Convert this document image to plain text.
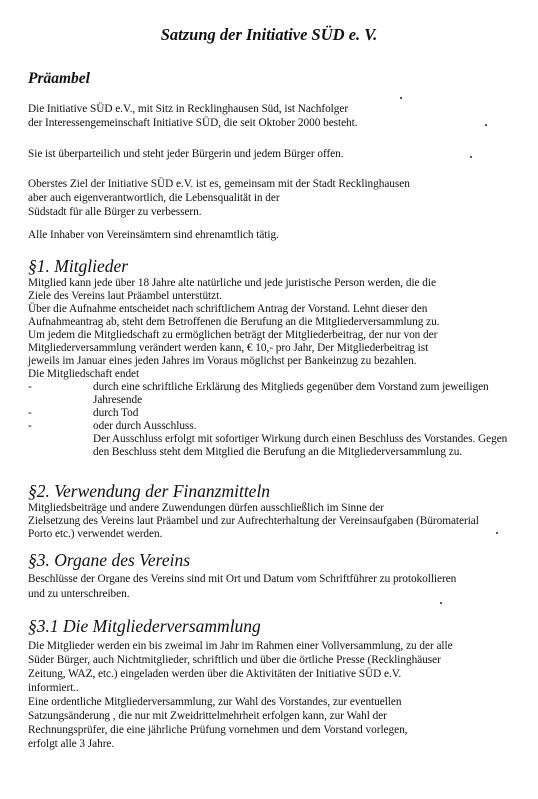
Satzung der Initiative SÜD e. V.
Präambel

Die Initiative SÜD e.V., mit Sitz in Recklinghausen Süd, ist Nachfolger

der Interessengemeinschaft Initiative SÜD, die seit Oktober 2000 besteht.

Sie ist überparteilich und steht jeder Bürgerin und jedem Bürger offen.

Oberstes Ziel der Initiative SÜD e.V. ist es, gemeinsam mit der Stadt Recklinghausen

aber auch eigenverantwortlich, die Lebensqualität in der

Südstadt für alle Bürger zu verbessern.

Alle Inhaber von Vereinsämtern sind ehrenamtlich tätig.

§1. Mitglieder

Mitglied kann jede über 18 Jahre alte natürliche und jede juristische Person werden, die die

Ziele des Vereins laut Präambel unterstützt.

Über die Aufnahme entscheidet nach schriftlichem Antrag der Vorstand. Lehnt dieser den

Aufnahmeantrag ab, steht dem Betroffenen die Berufung an die Mitgliederversammlung zu.

Um jedem die Mitgliedschaft zu ermöglichen beträgt der Mitgliederbeitrag, der nur von der

Mitgliederversammlung verändert werden kann, € 10,- pro Jahr, Der Mitgliederbeitrag ist

jeweils im Januar eines jeden Jahres im Voraus möglichst per Bankeinzug zu bezahlen.

Die Mitgliedschaft endet

-	durch eine schriftliche Erklärung des Mitglieds gegenüber dem Vorstand zum jeweiligen

Jahresende

-	durch Tod

-	oder durch Ausschluss.

Der Ausschluss erfolgt mit sofortiger Wirkung durch einen Beschluss des Vorstandes. Gegen

den Beschluss steht dem Mitglied die Berufung an die Mitgliederversammlung zu.

§2. Verwendung der Finanzmitteln

Mitgliedsbeiträge und andere Zuwendungen dürfen ausschließlich im Sinne der

Zielsetzung des Vereins laut Präambel und zur Aufrechterhaltung der Vereinsaufgaben (Büromaterial

Porto etc.) verwendet werden.

§3. Organe des Vereins

Beschlüsse der Organe des Vereins sind mit Ort und Datum vom Schriftführer zu protokollieren

und zu unterschreiben.

§3.1 Die Mitgliederversammlung

Die Mitglieder werden ein bis zweimal im Jahr im Rahmen einer Vollversammlung, zu der alle

Süder Bürger, auch Nichtmitglieder, schriftlich und über die örtliche Presse (Recklinghäuser

Zeitung, WAZ, etc.) eingeladen werden über die Aktivitäten der Initiative SÜD e.V.

informiert..

Eine ordentliche Mitgliederversammlung, zur Wahl des Vorstandes, zur eventuellen

Satzungsänderung , die nur mit Zweidrittelmehrheit erfolgen kann, zur Wahl der

Rechnungsprüfer, die eine jährliche Prüfung vornehmen und dem Vorstand vorlegen,

erfolgt alle 3 Jahre.
